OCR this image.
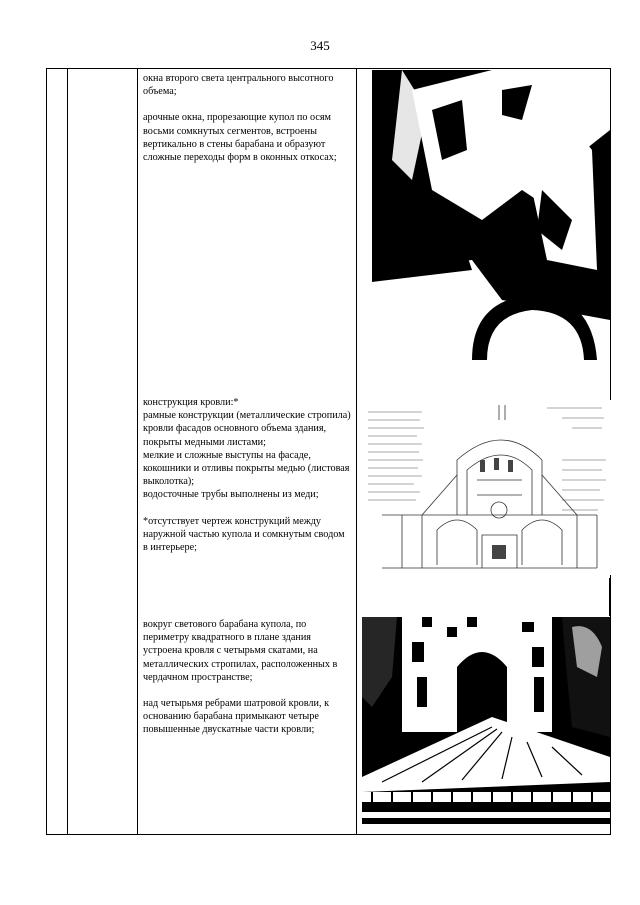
345

окна второго света центрального высотного объема;

арочные окна, прорезающие купол по осям восьми сомкнутых сегментов, встроены вертикально в стены барабана и образуют сложные переходы форм в оконных откосах;

конструкция кровли:*

рамные конструкции (металлические стропила) кровли фасадов основного объема здания, покрыты медными листами;

мелкие и сложные выступы на фасаде, кокошники и отливы покрыты медью (листовая выколотка);

водосточные трубы выполнены из меди;

*отсутствует чертеж конструкций между наружной частью купола и сомкнутым сводом в интерьере;

вокруг светового барабана купола, по периметру квадратного в плане здания устроена кровля с четырьмя скатами, на металлических стропилах, расположенных в чердачном пространстве;

над четырьмя ребрами шатровой кровли, к основанию барабана примыкают четыре повышенные двускатные части кровли;
